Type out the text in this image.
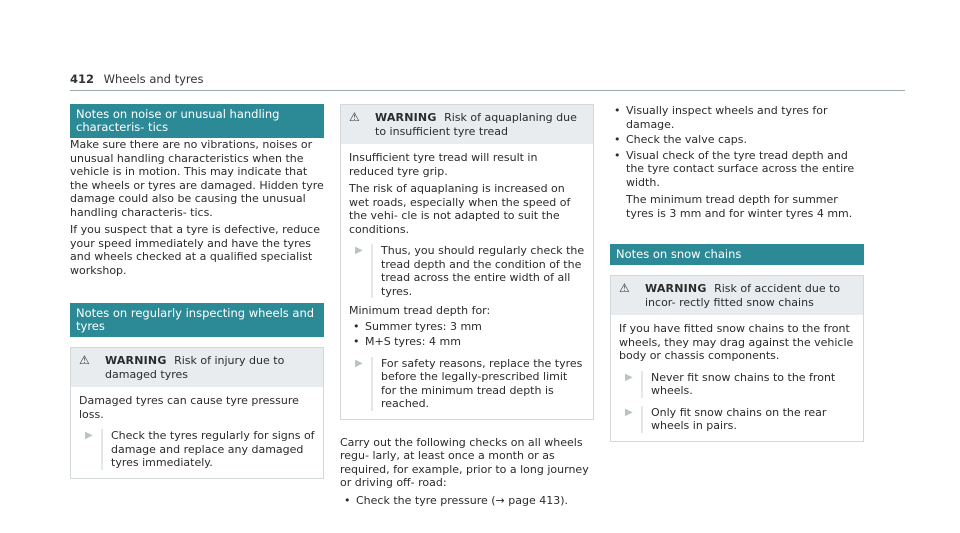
412 Wheels and tyres
Notes on noise or unusual handling characteris- tics

Make sure there are no vibrations, noises or unusual handling characteristics when the vehicle is in motion. This may indicate that the wheels or tyres are damaged. Hidden tyre damage could also be causing the unusual handling characteris- tics.

If you suspect that a tyre is defective, reduce your speed immediately and have the tyres and wheels checked at a qualified specialist workshop.

Notes on regularly inspecting wheels and tyres
⚠ WARNING Risk of injury due to damaged tyres

Damaged tyres can cause tyre pressure loss.

▶	Check the tyres regularly for signs of damage and replace any damaged tyres immediately.
⚠ WARNING Risk of aquaplaning due to insufficient tyre tread

Insufficient tyre tread will result in reduced tyre grip.

The risk of aquaplaning is increased on wet roads, especially when the speed of the vehi- cle is not adapted to suit the conditions.

▶	Thus, you should regularly check the tread depth and the condition of the tread across the entire width of all tyres.

Minimum tread depth for:

• Summer tyres: 3 mm
• M+S tyres: 4 mm
▶	For safety reasons, replace the tyres before the legally-prescribed limit for the minimum tread depth is reached.

Carry out the following checks on all wheels regu- larly, at least once a month or as required, for example, prior to a long journey or driving off- road:

• Check the tyre pressure (→ page 413).
• Visually inspect wheels and tyres for damage.
• Check the valve caps.
• Visual check of the tyre tread depth and the tyre contact surface across the entire width.

The minimum tread depth for summer tyres is 3 mm and for winter tyres 4 mm.

Notes on snow chains
⚠ WARNING Risk of accident due to incor- rectly fitted snow chains

If you have fitted snow chains to the front wheels, they may drag against the vehicle body or chassis components.

▶	Never fit snow chains to the front wheels.
▶	Only fit snow chains on the rear wheels in pairs.
